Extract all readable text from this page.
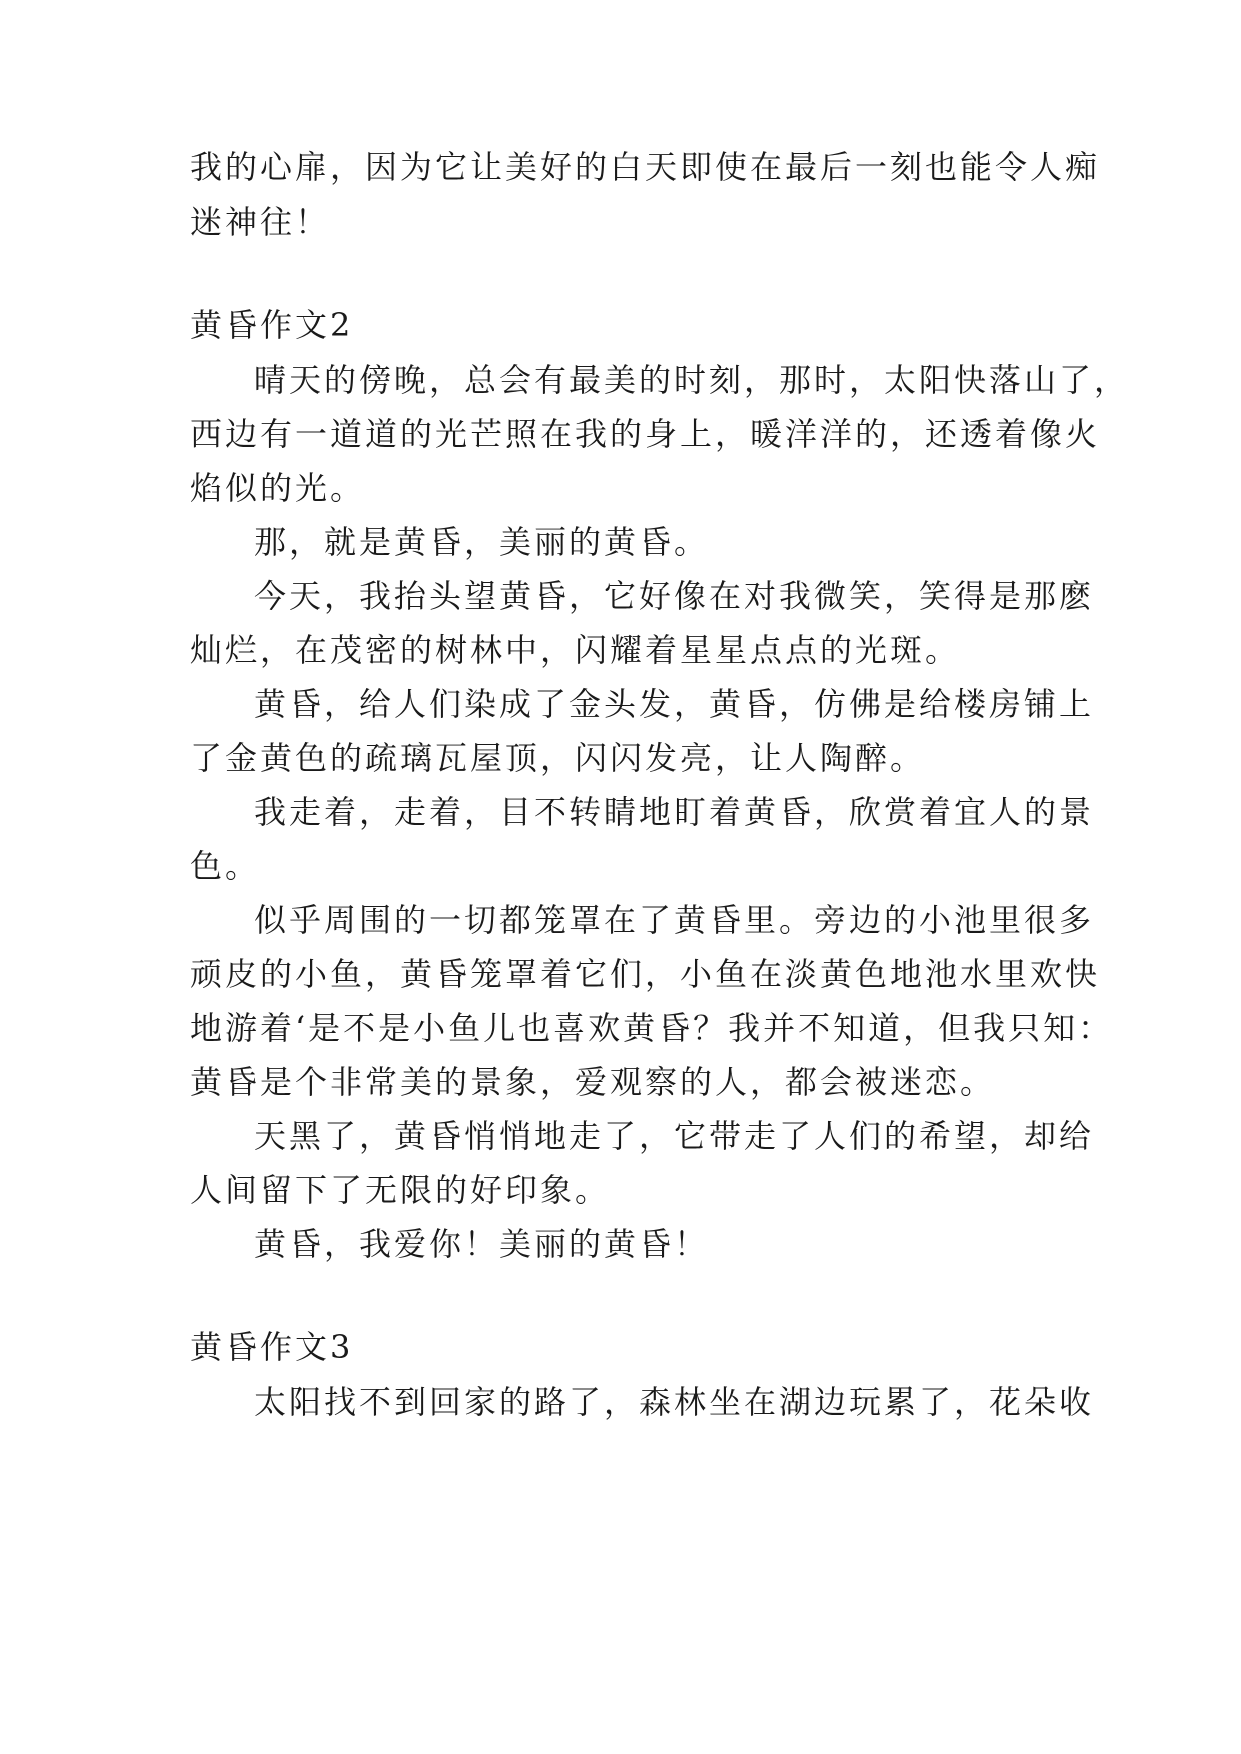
我的心扉，因为它让美好的白天即使在最后一刻也能令人痴
迷神往！
黄昏作文2
晴天的傍晚，总会有最美的时刻，那时，太阳快落山了，
西边有一道道的光芒照在我的身上，暖洋洋的，还透着像火
焰似的光。
那，就是黄昏，美丽的黄昏。
今天，我抬头望黄昏，它好像在对我微笑，笑得是那麽
灿烂，在茂密的树林中，闪耀着星星点点的光斑。
黄昏，给人们染成了金头发，黄昏，仿佛是给楼房铺上
了金黄色的疏璃瓦屋顶，闪闪发亮，让人陶醉。
我走着，走着，目不转睛地盯着黄昏，欣赏着宜人的景
色。
似乎周围的一切都笼罩在了黄昏里。旁边的小池里很多
顽皮的小鱼，黄昏笼罩着它们，小鱼在淡黄色地池水里欢快
地游着‘是不是小鱼儿也喜欢黄昏？我并不知道，但我只知：
黄昏是个非常美的景象，爱观察的人，都会被迷恋。
天黑了，黄昏悄悄地走了，它带走了人们的希望，却给
人间留下了无限的好印象。
黄昏，我爱你！美丽的黄昏！
黄昏作文3
太阳找不到回家的路了，森林坐在湖边玩累了，花朵收
